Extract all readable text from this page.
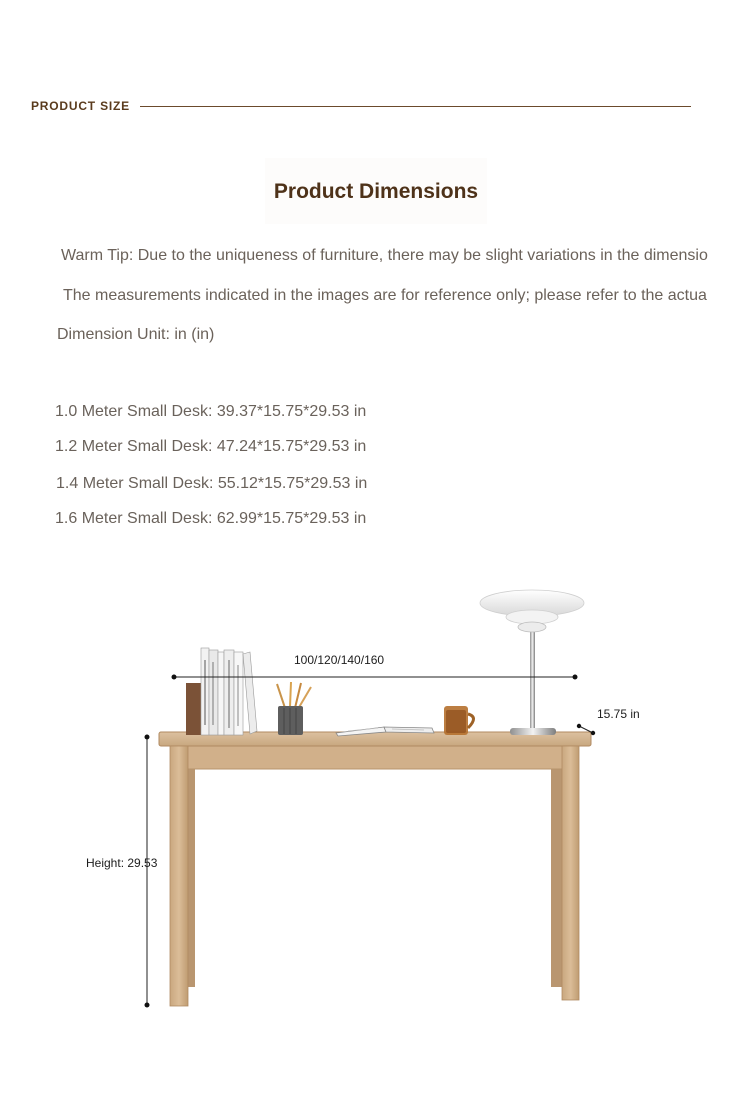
PRODUCT SIZE
Product Dimensions
Warm Tip: Due to the uniqueness of furniture, there may be slight variations in the dimensio
The measurements indicated in the images are for reference only; please refer to the actua
Dimension Unit: in (in)
1.0 Meter Small Desk: 39.37*15.75*29.53 in
1.2 Meter Small Desk: 47.24*15.75*29.53 in
1.4 Meter Small Desk: 55.12*15.75*29.53 in
1.6 Meter Small Desk: 62.99*15.75*29.53 in
100/120/140/160
15.75 in
Height: 29.53
